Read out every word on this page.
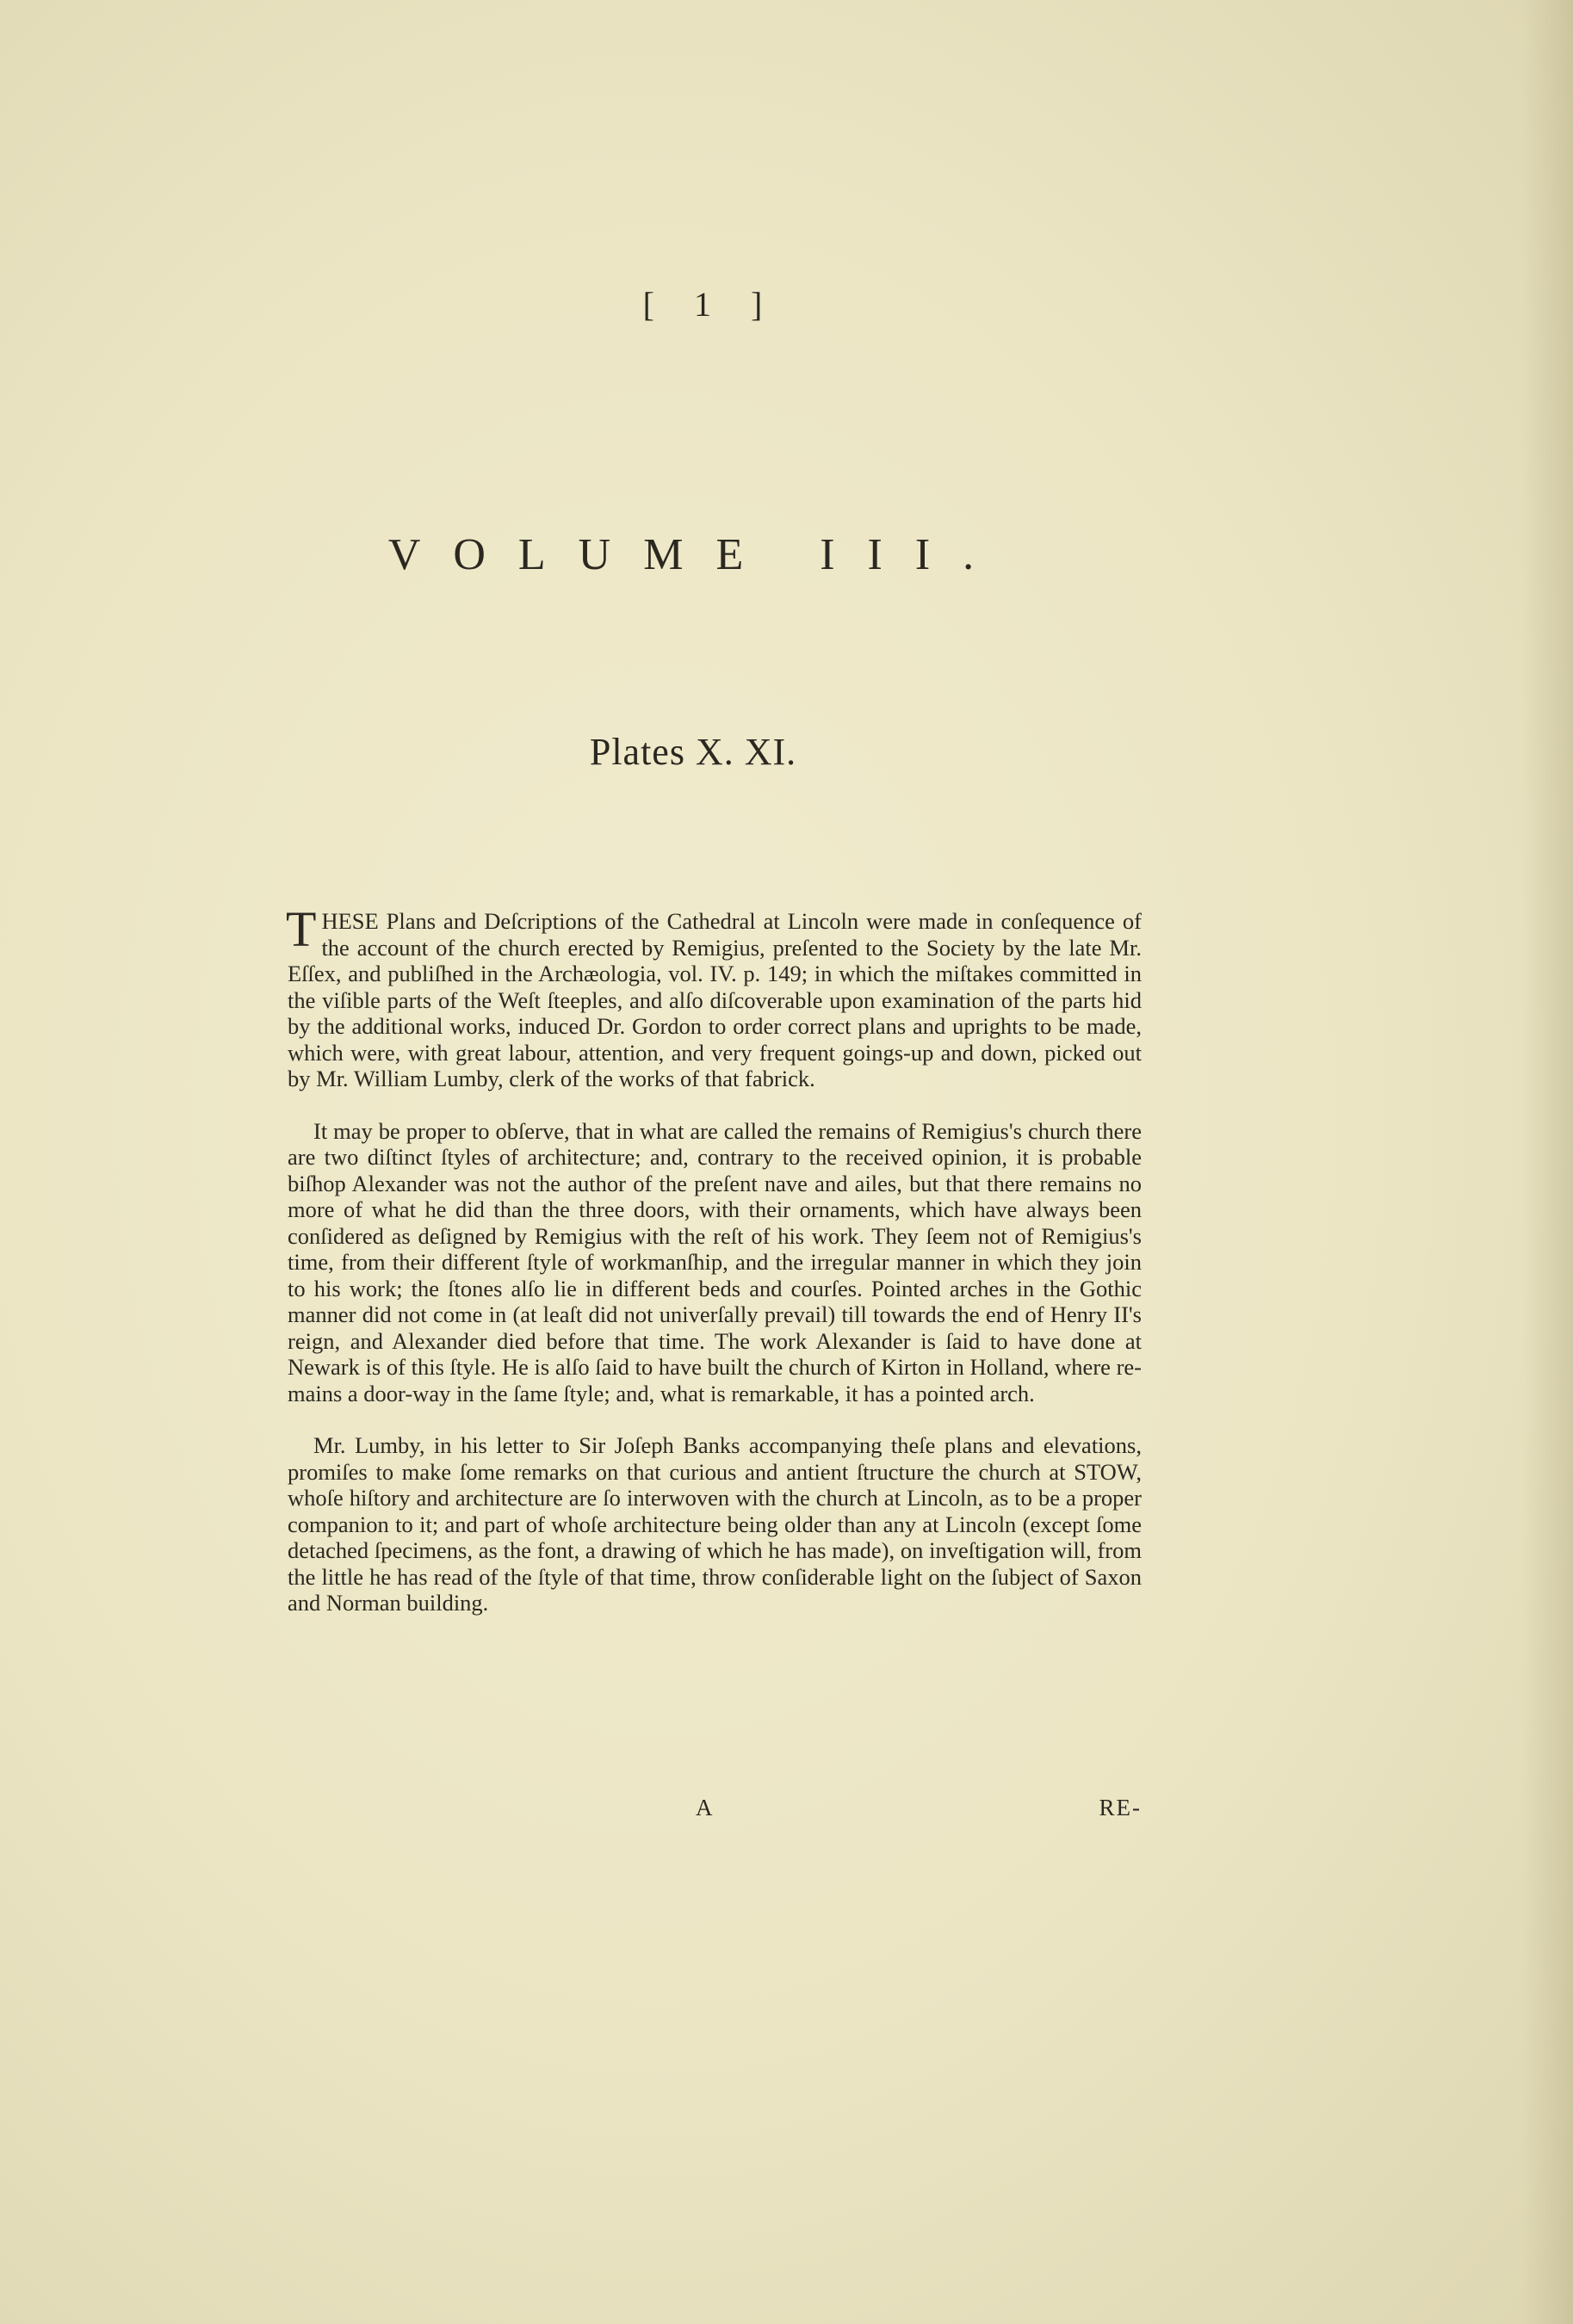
[ 1 ]
VOLUME III.
Plates X. XI.

THESE Plans and Deſcriptions of the Cathedral at Lincoln were made in conſequence of the account of the church erected by Remigius, preſented to the Society by the late Mr. Eſſex, and publiſhed in the Archæologia, vol. IV. p. 149; in which the miſtakes committed in the viſible parts of the Weſt ſteeples, and alſo diſcoverable upon examination of the parts hid by the additional works, induced Dr. Gordon to order correct plans and uprights to be made, which were, with great labour, attention, and very frequent goings-up and down, picked out by Mr. William Lumby, clerk of the works of that fabrick.

It may be proper to obſerve, that in what are called the remains of Remigius's church there are two diſtinct ſtyles of architecture; and, contrary to the received opinion, it is probable biſhop Alexander was not the author of the preſent nave and ailes, but that there remains no more of what he did than the three doors, with their ornaments, which have always been conſidered as deſigned by Remigius with the reſt of his work. They ſeem not of Remigius's time, from their different ſtyle of workmanſhip, and the irregular manner in which they join to his work; the ſtones alſo lie in different beds and courſes. Pointed arches in the Gothic manner did not come in (at leaſt did not univerſally prevail) till towards the end of Henry II's reign, and Alexander died before that time. The work Alexander is ſaid to have done at Newark is of this ſtyle. He is alſo ſaid to have built the church of Kirton in Holland, where remains a door-way in the ſame ſtyle; and, what is remarkable, it has a pointed arch.

Mr. Lumby, in his letter to Sir Joſeph Banks accompanying theſe plans and elevations, promiſes to make ſome remarks on that curious and antient ſtructure the church at STOW, whoſe hiſtory and architecture are ſo interwoven with the church at Lincoln, as to be a proper companion to it; and part of whoſe architecture being older than any at Lincoln (except ſome detached ſpecimens, as the font, a drawing of which he has made), on inveſtigation will, from the little he has read of the ſtyle of that time, throw conſiderable light on the ſubject of Saxon and Norman building.

A	RE-
